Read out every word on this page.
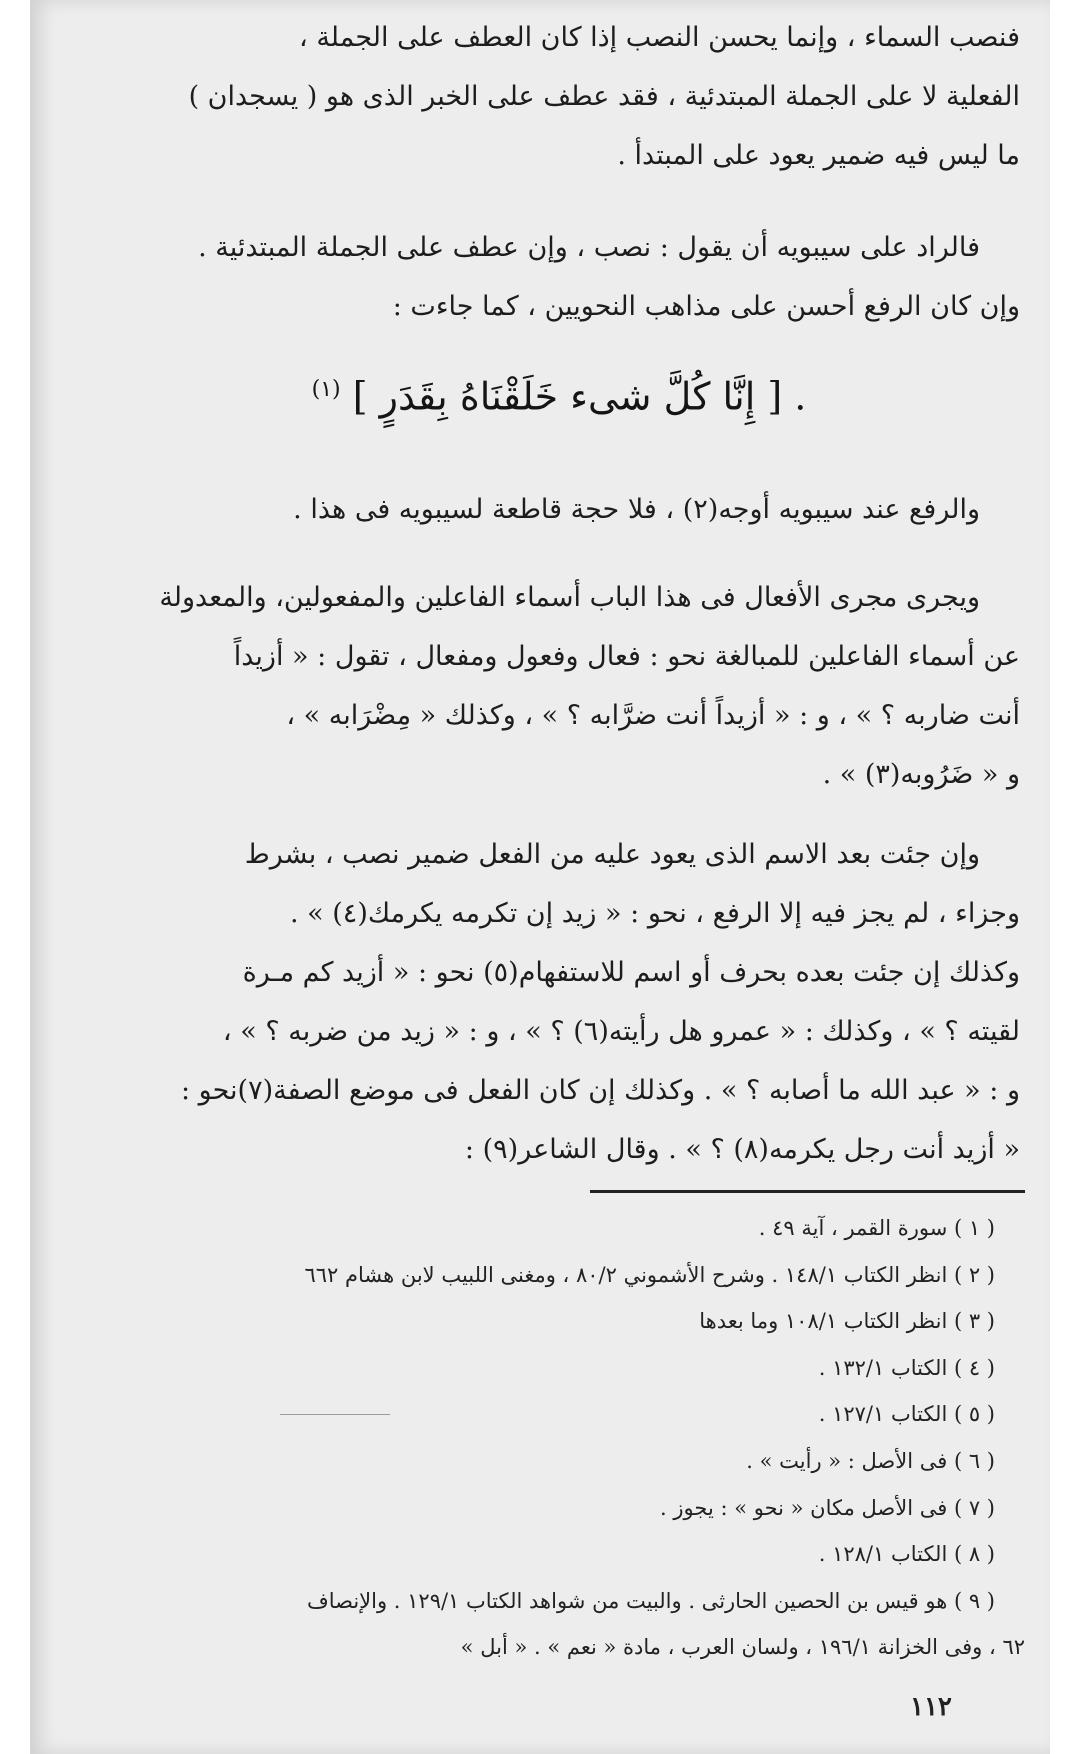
فنصب السماء ، وإنما يحسن النصب إذا كان العطف على الجملة ،
الفعلية لا على الجملة المبتدئية ، فقد عطف على الخبر الذى هو ( يسجدان )
ما ليس فيه ضمير يعود على المبتدأ .
فالراد على سيبويه أن يقول : نصب ، وإن عطف على الجملة المبتدئية .
وإن كان الرفع أحسن على مذاهب النحويين ، كما جاءت :
. [ إِنَّا كُلَّ شىء خَلَقْنَاهُ بِقَدَرٍ ] $^{(١)}$
والرفع عند سيبويه أوجه(٢) ، فلا حجة قاطعة لسيبويه فى هذا .
ويجرى مجرى الأفعال فى هذا الباب أسماء الفاعلين والمفعولين، والمعدولة
عن أسماء الفاعلين للمبالغة نحو : فعال وفعول ومفعال ، تقول : « أزيداً
أنت ضاربه ؟ » ، و : « أزيداً أنت ضرَّابه ؟ » ، وكذلك « مِضْرَابه » ،
و « ضَرُوبه(٣) » .
وإن جئت بعد الاسم الذى يعود عليه من الفعل ضمير نصب ، بشرط
وجزاء ، لم يجز فيه إلا الرفع ، نحو : « زيد إن تكرمه يكرمك(٤) » .
وكذلك إن جئت بعده بحرف أو اسم للاستفهام(٥) نحو : « أزيد كم مـرة
لقيته ؟ » ، وكذلك : « عمرو هل رأيته(٦) ؟ » ، و : « زيد من ضربه ؟ » ،
و : « عبد الله ما أصابه ؟ » . وكذلك إن كان الفعل فى موضع الصفة(٧)نحو :
« أزيد أنت رجل يكرمه(٨) ؟ » . وقال الشاعر(٩) :
( ١ ) سورة القمر ، آية ٤٩ .
( ٢ ) انظر الكتاب ١٤٨/١ . وشرح الأشموني ٨٠/٢ ، ومغنى اللبيب لابن هشام ٦٦٢
( ٣ ) انظر الكتاب ١٠٨/١ وما بعدها
( ٤ ) الكتاب ١٣٢/١ .
( ٥ ) الكتاب ١٢٧/١ .
( ٦ ) فى الأصل : « رأيت » .
( ٧ ) فى الأصل مكان « نحو » : يجوز .
( ٨ ) الكتاب ١٢٨/١ .
( ٩ ) هو قيس بن الحصين الحارثى . والبيت من شواهد الكتاب ١٢٩/١ . والإنصاف
٦٢ ، وفى الخزانة ١٩٦/١ ، ولسان العرب ، مادة « نعم » . « أبل »
١١٢
